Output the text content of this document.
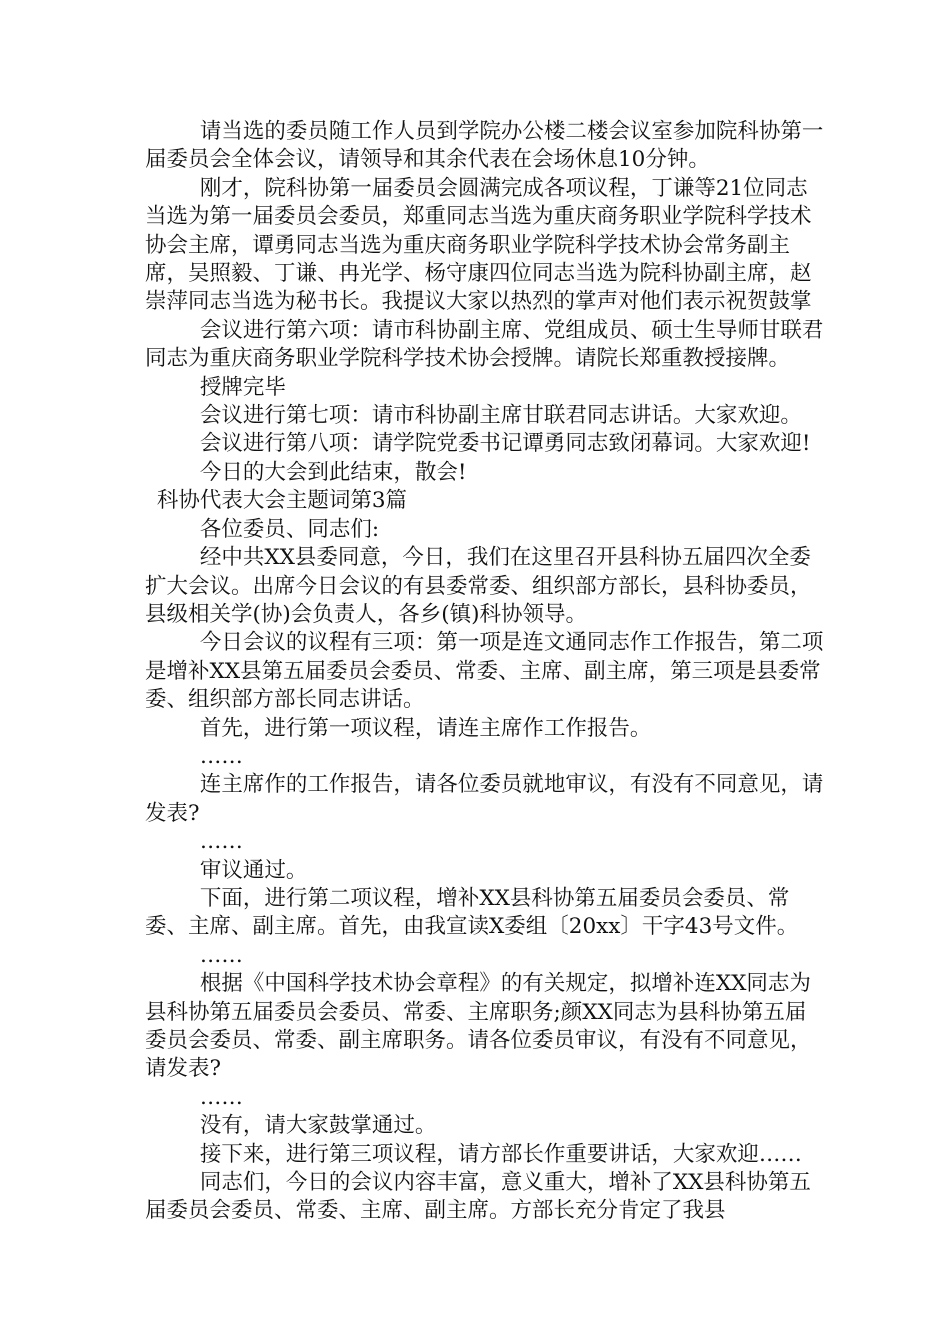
请当选的委员随工作人员到学院办公楼二楼会议室参加院科协第一届委员会全体会议，请领导和其余代表在会场休息10分钟。

刚才，院科协第一届委员会圆满完成各项议程，丁谦等21位同志当选为第一届委员会委员，郑重同志当选为重庆商务职业学院科学技术协会主席，谭勇同志当选为重庆商务职业学院科学技术协会常务副主席，吴照毅、丁谦、冉光学、杨守康四位同志当选为院科协副主席，赵崇萍同志当选为秘书长。我提议大家以热烈的掌声对他们表示祝贺鼓掌

会议进行第六项：请市科协副主席、党组成员、硕士生导师甘联君同志为重庆商务职业学院科学技术协会授牌。请院长郑重教授接牌。

授牌完毕

会议进行第七项：请市科协副主席甘联君同志讲话。大家欢迎。

会议进行第八项：请学院党委书记谭勇同志致闭幕词。大家欢迎!

今日的大会到此结束，散会!

科协代表大会主题词第3篇

各位委员、同志们:

经中共XX县委同意，今日，我们在这里召开县科协五届四次全委扩大会议。出席今日会议的有县委常委、组织部方部长，县科协委员，县级相关学(协)会负责人，各乡(镇)科协领导。

今日会议的议程有三项：第一项是连文通同志作工作报告，第二项是增补XX县第五届委员会委员、常委、主席、副主席，第三项是县委常委、组织部方部长同志讲话。

首先，进行第一项议程，请连主席作工作报告。

……

连主席作的工作报告，请各位委员就地审议，有没有不同意见，请发表?

……

审议通过。

下面，进行第二项议程，增补XX县科协第五届委员会委员、常委、主席、副主席。首先，由我宣读X委组〔20xx〕干字43号文件。

……

根据《中国科学技术协会章程》的有关规定，拟增补连XX同志为县科协第五届委员会委员、常委、主席职务;颜XX同志为县科协第五届委员会委员、常委、副主席职务。请各位委员审议，有没有不同意见，请发表?

……

没有，请大家鼓掌通过。

接下来，进行第三项议程，请方部长作重要讲话，大家欢迎……

同志们，今日的会议内容丰富，意义重大，增补了XX县科协第五届委员会委员、常委、主席、副主席。方部长充分肯定了我县
